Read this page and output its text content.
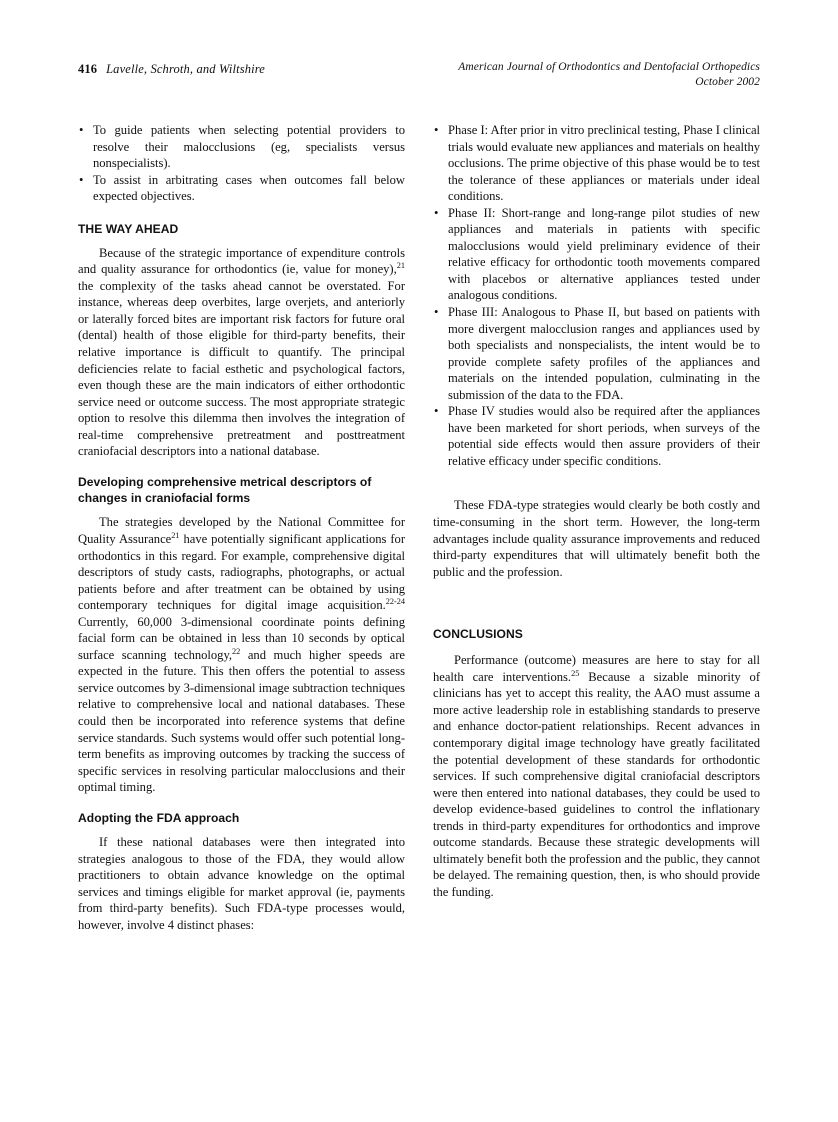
416 Lavelle, Schroth, and Wiltshire	American Journal of Orthodontics and Dentofacial Orthopedics
October 2002
• To guide patients when selecting potential providers to resolve their malocclusions (eg, specialists versus nonspecialists).
• To assist in arbitrating cases when outcomes fall below expected objectives.
THE WAY AHEAD

Because of the strategic importance of expenditure controls and quality assurance for orthodontics (ie, value for money),$^{21}$ the complexity of the tasks ahead cannot be overstated. For instance, whereas deep overbites, large overjets, and anteriorly or laterally forced bites are important risk factors for future oral (dental) health of those eligible for third-party benefits, their relative importance is difficult to quantify. The principal deficiencies relate to facial esthetic and psychological factors, even though these are the main indicators of either orthodontic service need or outcome success. The most appropriate strategic option to resolve this dilemma then involves the integration of real-time comprehensive pretreatment and posttreatment craniofacial descriptors into a national database.

Developing comprehensive metrical descriptors of changes in craniofacial forms

The strategies developed by the National Committee for Quality Assurance$^{21}$ have potentially significant applications for orthodontics in this regard. For example, comprehensive digital descriptors of study casts, radiographs, photographs, or actual patients before and after treatment can be obtained by using contemporary techniques for digital image acquisition.$^{22-24}$ Currently, 60,000 3-dimensional coordinate points defining facial form can be obtained in less than 10 seconds by optical surface scanning technology,$^{22}$ and much higher speeds are expected in the future. This then offers the potential to assess service outcomes by 3-dimensional image subtraction techniques relative to comprehensive local and national databases. These could then be incorporated into reference systems that define service standards. Such systems would offer such potential long-term benefits as improving outcomes by tracking the success of specific services in resolving particular malocclusions and their optimal timing.

Adopting the FDA approach

If these national databases were then integrated into strategies analogous to those of the FDA, they would allow practitioners to obtain advance knowledge on the optimal services and timings eligible for market approval (ie, payments from third-party benefits). Such FDA-type processes would, however, involve 4 distinct phases:

• Phase I: After prior in vitro preclinical testing, Phase I clinical trials would evaluate new appliances and materials on healthy occlusions. The prime objective of this phase would be to test the tolerance of these appliances or materials under ideal conditions.
• Phase II: Short-range and long-range pilot studies of new appliances and materials in patients with specific malocclusions would yield preliminary evidence of their relative efficacy for orthodontic tooth movements compared with placebos or alternative appliances tested under analogous conditions.
• Phase III: Analogous to Phase II, but based on patients with more divergent malocclusion ranges and appliances used by both specialists and nonspecialists, the intent would be to provide complete safety profiles of the appliances and materials on the intended population, culminating in the submission of the data to the FDA.
• Phase IV studies would also be required after the appliances have been marketed for short periods, when surveys of the potential side effects would then assure providers of their relative efficacy under specific conditions.

These FDA-type strategies would clearly be both costly and time-consuming in the short term. However, the long-term advantages include quality assurance improvements and reduced third-party expenditures that will ultimately benefit both the public and the profession.

CONCLUSIONS

Performance (outcome) measures are here to stay for all health care interventions.$^{25}$ Because a sizable minority of clinicians has yet to accept this reality, the AAO must assume a more active leadership role in establishing standards to preserve and enhance doctor-patient relationships. Recent advances in contemporary digital image technology have greatly facilitated the potential development of these standards for orthodontic services. If such comprehensive digital craniofacial descriptors were then entered into national databases, they could be used to develop evidence-based guidelines to control the inflationary trends in third-party expenditures for orthodontics and improve outcome standards. Because these strategic developments will ultimately benefit both the profession and the public, they cannot be delayed. The remaining question, then, is who should provide the funding.
